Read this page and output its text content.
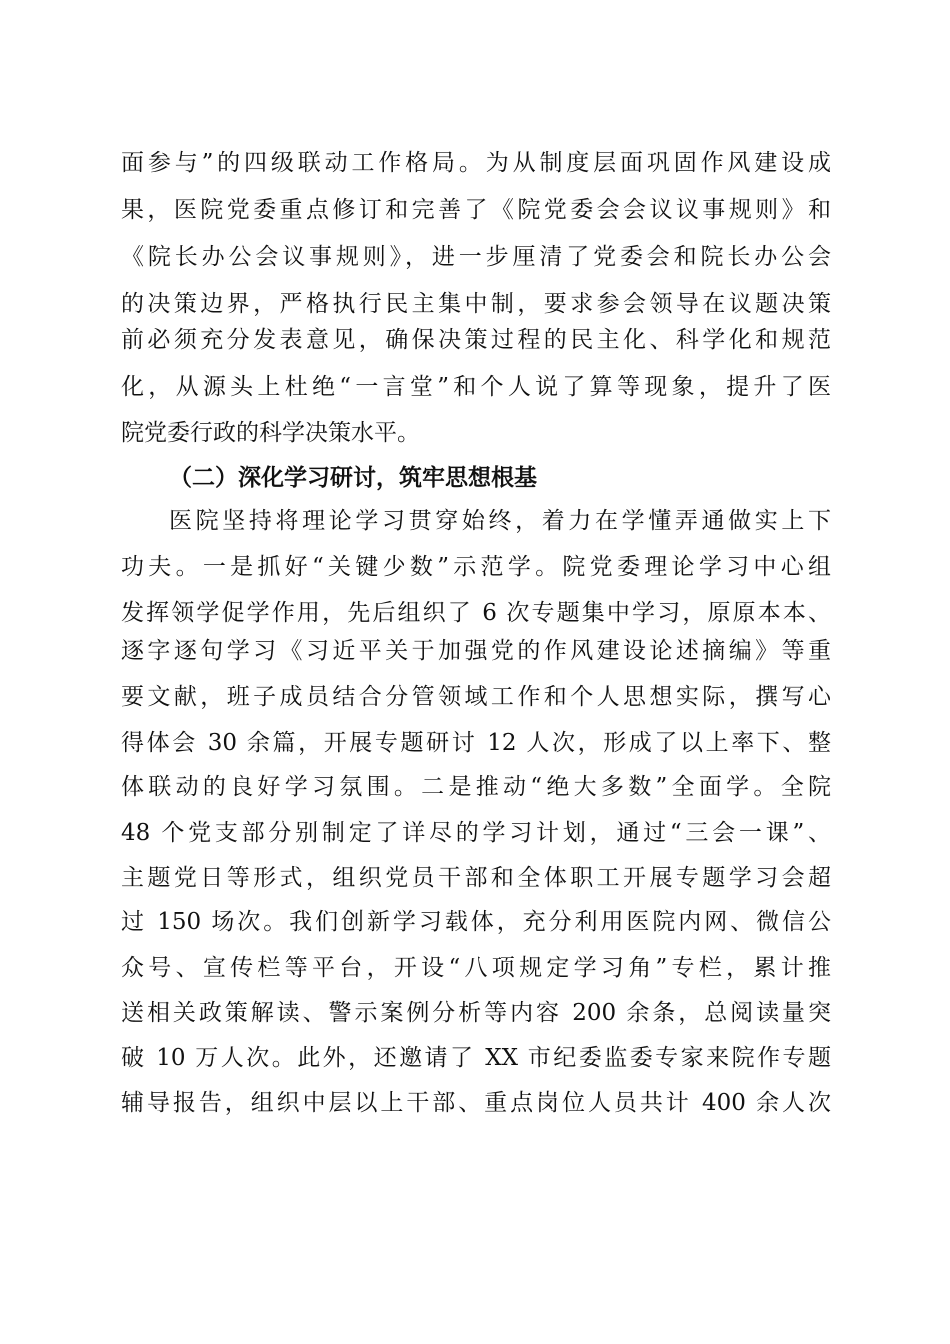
面参与”的四级联动工作格局。为从制度层面巩固作风建设成
果，医院党委重点修订和完善了《院党委会会议议事规则》和
《院长办公会议事规则》，进一步厘清了党委会和院长办公会
的决策边界，严格执行民主集中制，要求参会领导在议题决策
前必须充分发表意见，确保决策过程的民主化、科学化和规范
化，从源头上杜绝“一言堂”和个人说了算等现象，提升了医
院党委行政的科学决策水平。
（二）深化学习研讨，筑牢思想根基
医院坚持将理论学习贯穿始终，着力在学懂弄通做实上下
功夫。一是抓好“关键少数”示范学。院党委理论学习中心组
发挥领学促学作用，先后组织了 6 次专题集中学习，原原本本、
逐字逐句学习《习近平关于加强党的作风建设论述摘编》等重
要文献，班子成员结合分管领域工作和个人思想实际，撰写心
得体会 30 余篇，开展专题研讨 12 人次，形成了以上率下、整
体联动的良好学习氛围。二是推动“绝大多数”全面学。全院
48 个党支部分别制定了详尽的学习计划，通过“三会一课”、
主题党日等形式，组织党员干部和全体职工开展专题学习会超
过 150 场次。我们创新学习载体，充分利用医院内网、微信公
众号、宣传栏等平台，开设“八项规定学习角”专栏，累计推
送相关政策解读、警示案例分析等内容 200 余条，总阅读量突
破 10 万人次。此外，还邀请了 XX 市纪委监委专家来院作专题
辅导报告，组织中层以上干部、重点岗位人员共计 400 余人次
